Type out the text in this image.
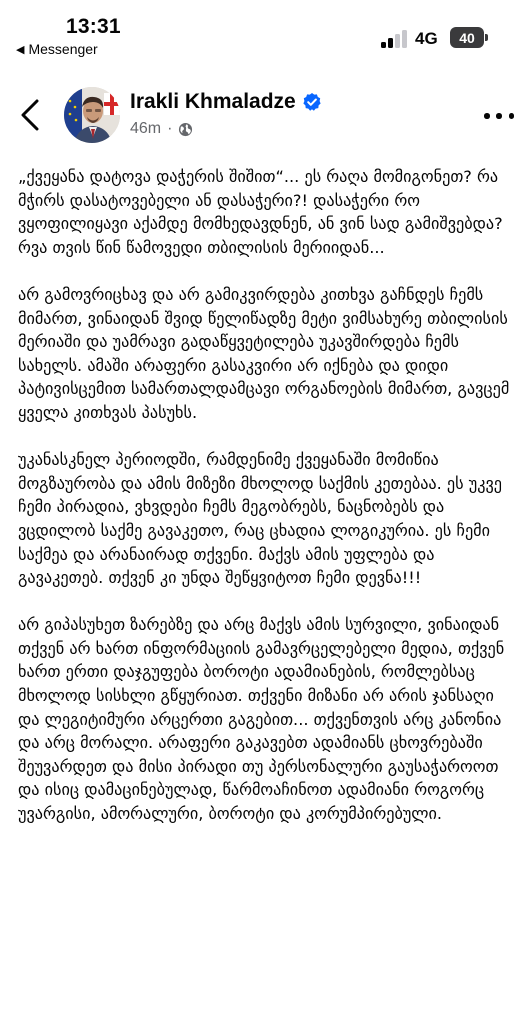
13:31
◀ Messenger
4G	40
Irakli Khmaladze
46m ·

„ქვეყანა დატოვა დაჭერის შიშით“... ეს რაღა მომიგონეთ? რა მჭირს დასატოვებელი ან დასაჭერი?! დასაჭერი რო ვყოფილიყავი აქამდე მომხედავდნენ, ან ვინ სად გამიშვებდა? რვა თვის წინ წამოვედი თბილისის მერიიდან...

არ გამოვრიცხავ და არ გამიკვირდება კითხვა გაჩნდეს ჩემს მიმართ, ვინაიდან შვიდ წელიწადზე მეტი ვიმსახურე თბილისის მერიაში და უამრავი გადაწყვეტილება უკავშირდება ჩემს სახელს. ამაში არაფერი გასაკვირი არ იქნება და დიდი პატივისცემით სამართალდამცავი ორგანოების მიმართ, გავცემ ყველა კითხვას პასუხს.

უკანასკნელ პერიოდში, რამდენიმე ქვეყანაში მომიწია მოგზაურობა და ამის მიზეზი მხოლოდ საქმის კეთებაა. ეს უკვე ჩემი პირადია, ვხვდები ჩემს მეგობრებს, ნაცნობებს და ვცდილობ საქმე გავაკეთო, რაც ცხადია ლოგიკურია. ეს ჩემი საქმეა და არანაირად თქვენი. მაქვს ამის უფლება და გავაკეთებ. თქვენ კი უნდა შეწყვიტოთ ჩემი დევნა!!!

არ გიპასუხეთ ზარებზე და არც მაქვს ამის სურვილი, ვინაიდან თქვენ არ ხართ ინფორმაციის გამავრცელებელი მედია, თქვენ ხართ ერთი დაჯგუფება ბოროტი ადამიანების, რომლებსაც მხოლოდ სისხლი გწყურიათ. თქვენი მიზანი არ არის ჯანსაღი და ლეგიტიმური არცერთი გაგებით... თქვენთვის არც კანონია და არც მორალი. არაფერი გაკავებთ ადამიანს ცხოვრებაში შეუვარდეთ და მისი პირადი თუ პერსონალური გაუსაჭაროოთ და ისიც დამაცინებულად, წარმოაჩინოთ ადამიანი როგორც უვარგისი, ამორალური, ბოროტი და კორუმპირებული.
